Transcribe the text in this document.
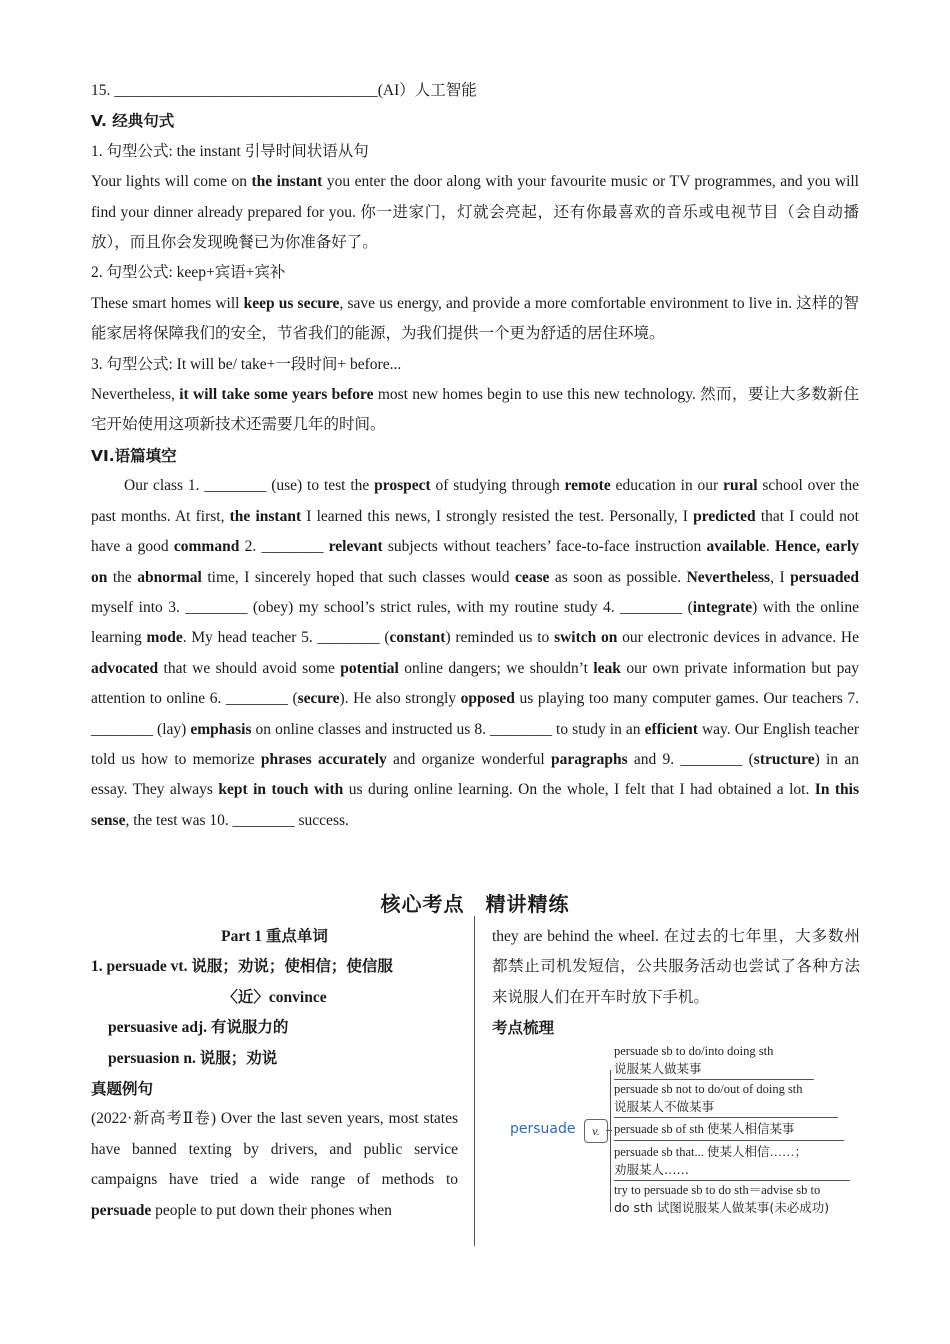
15. __________________________________(AI）人工智能

V. 经典句式

1. 句型公式: the instant 引导时间状语从句

Your lights will come on the instant you enter the door along with your favourite music or TV programmes, and you will find your dinner already prepared for you. 你一进家门，灯就会亮起，还有你最喜欢的音乐或电视节目（会自动播放），而且你会发现晚餐已为你准备好了。

2. 句型公式: keep+宾语+宾补

These smart homes will keep us secure, save us energy, and provide a more comfortable environment to live in. 这样的智能家居将保障我们的安全，节省我们的能源，为我们提供一个更为舒适的居住环境。

3. 句型公式: It will be/ take+一段时间+ before...

Nevertheless, it will take some years before most new homes begin to use this new technology. 然而，要让大多数新住宅开始使用这项新技术还需要几年的时间。

VI.语篇填空

Our class 1. ________ (use) to test the prospect of studying through remote education in our rural school over the past months. At first, the instant I learned this news, I strongly resisted the test. Personally, I predicted that I could not have a good command 2. ________ relevant subjects without teachers’ face-to-face instruction available. Hence, early on the abnormal time, I sincerely hoped that such classes would cease as soon as possible. Nevertheless, I persuaded myself into 3. ________ (obey) my school’s strict rules, with my routine study 4. ________ (integrate) with the online learning mode. My head teacher 5. ________ (constant) reminded us to switch on our electronic devices in advance. He advocated that we should avoid some potential online dangers; we shouldn’t leak our own private information but pay attention to online 6. ________ (secure). He also strongly opposed us playing too many computer games. Our teachers 7. ________ (lay) emphasis on online classes and instructed us 8. ________ to study in an efficient way. Our English teacher told us how to memorize phrases accurately and organize wonderful paragraphs and 9. ________ (structure) in an essay. They always kept in touch with us during online learning. On the whole, I felt that I had obtained a lot. In this sense, the test was 10. ________ success.

核心考点　精讲精练

Part 1 重点单词

1. persuade vt. 说服；劝说；使相信；使信服

〈近〉convince

persuasive adj. 有说服力的

persuasion n. 说服；劝说

真题例句

(2022·新高考Ⅱ卷) Over the last seven years, most states have banned texting by drivers, and public service campaigns have tried a wide range of methods to persuade people to put down their phones when

they are behind the wheel. 在过去的七年里，大多数州都禁止司机发短信，公共服务活动也尝试了各种方法来说服人们在开车时放下手机。

考点梳理

persuade	v.
persuade sb to do/into doing sth
说服某人做某事
persuade sb not to do/out of doing sth
说服某人不做某事
persuade sb of sth 使某人相信某事
persuade sb that... 使某人相信……；
劝服某人……
try to persuade sb to do sth＝advise sb to
do sth 试图说服某人做某事(未必成功)
